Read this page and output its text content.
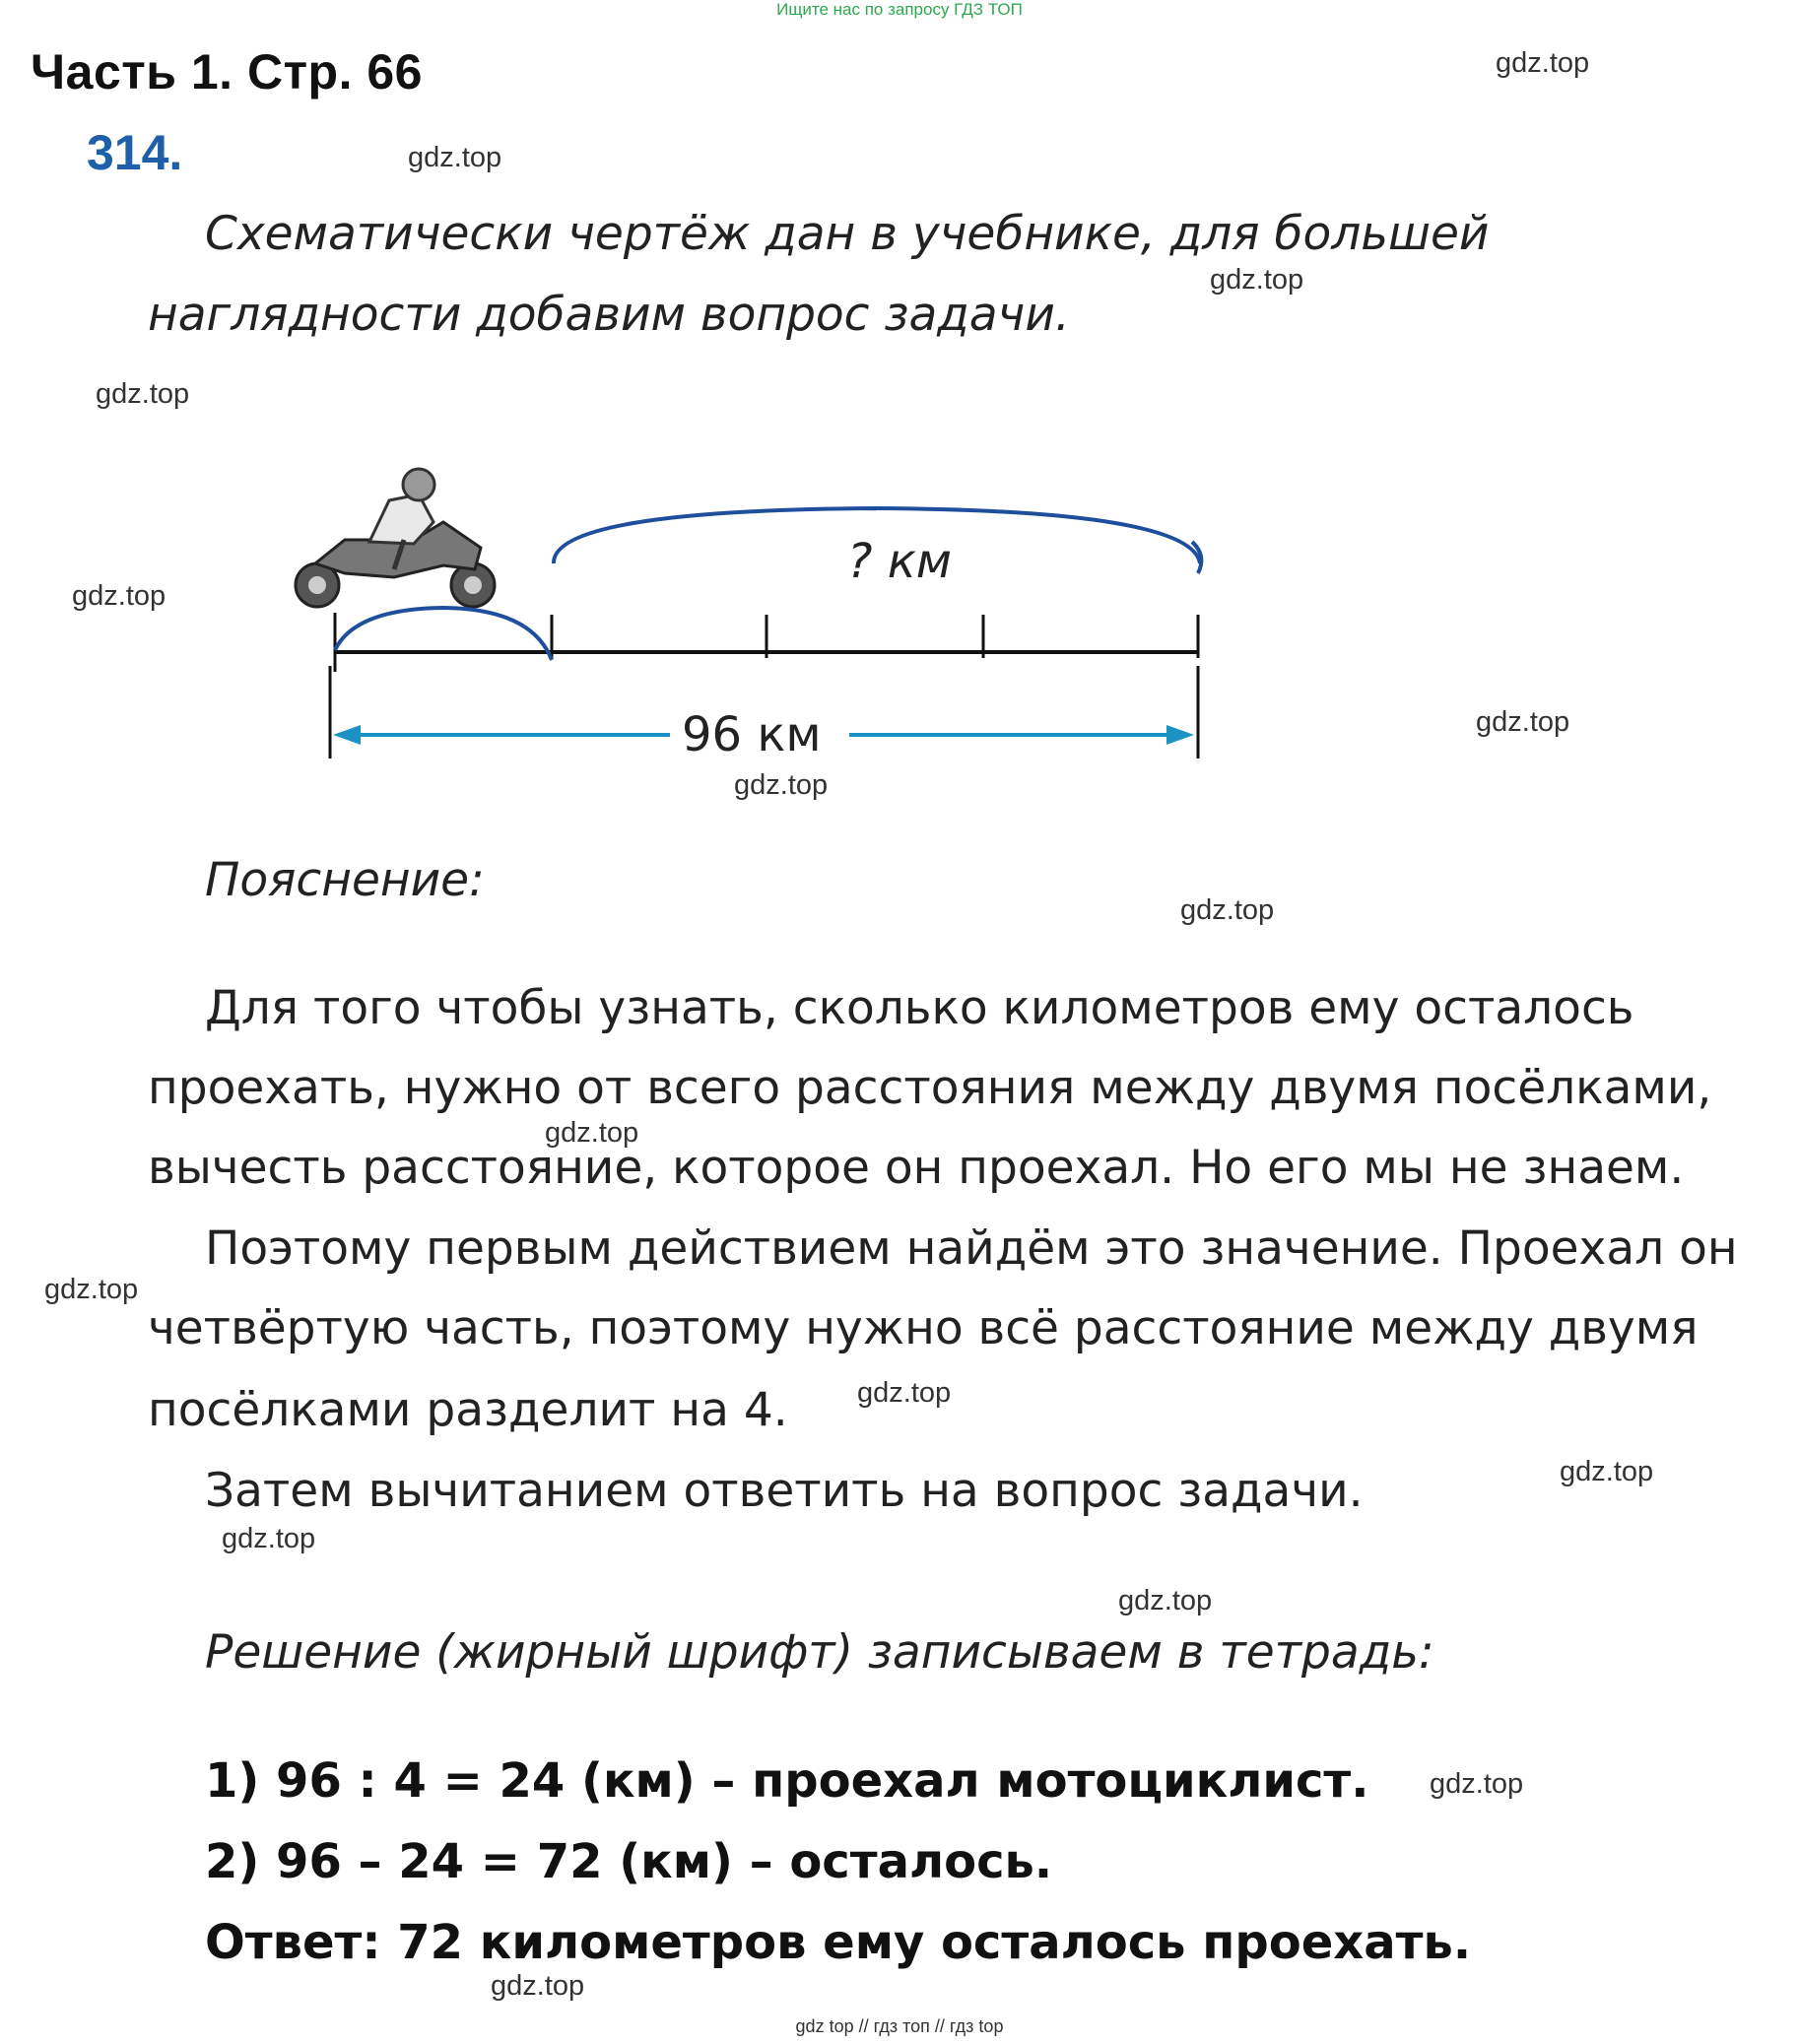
Ищите нас по запросу ГДЗ ТОП
Часть 1. Стр. 66
314.
Схематически чертёж дан в учебнике, для большей
наглядности добавим вопрос задачи.
? км
96 км
Пояснение:
Для того чтобы узнать, сколько километров ему осталось
проехать, нужно от всего расстояния между двумя посёлками,
вычесть расстояние, которое он проехал. Но его мы не знаем.
Поэтому первым действием найдём это значение. Проехал он
четвёртую часть, поэтому нужно всё расстояние между двумя
посёлками разделит на 4.
Затем вычитанием ответить на вопрос задачи.
Решение (жирный шрифт) записываем в тетрадь:
1) 96 : 4 = 24 (км) – проехал мотоциклист.
2) 96 – 24 = 72 (км) – осталось.
Ответ: 72 километров ему осталось проехать.
gdz.top
gdz.top
gdz.top
gdz.top
gdz.top
gdz.top
gdz.top
gdz.top
gdz.top
gdz.top
gdz.top
gdz.top
gdz.top
gdz.top
gdz.top
gdz.top
gdz top // гдз топ // гдз top
